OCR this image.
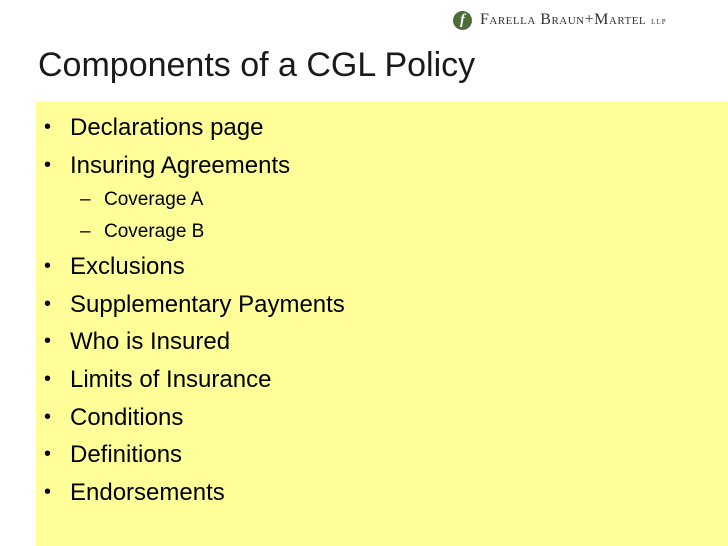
f Farella Braun+Martel llp
Components of a CGL Policy
• Declarations page
• Insuring Agreements
– Coverage A
– Coverage B
• Exclusions
• Supplementary Payments
• Who is Insured
• Limits of Insurance
• Conditions
• Definitions
• Endorsements
